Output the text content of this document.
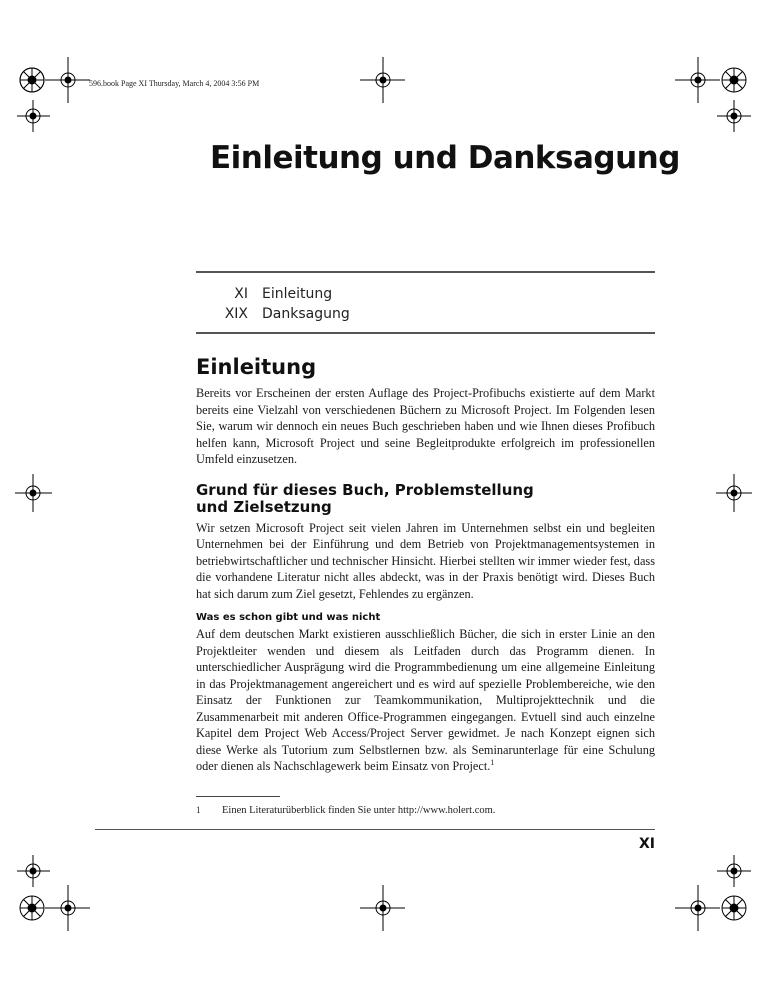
596.book Page XI Thursday, March 4, 2004 3:56 PM
Einleitung und Danksagung
XI Einleitung
XIX Danksagung
Einleitung

Bereits vor Erscheinen der ersten Auflage des Project-Profibuchs existierte auf dem Markt bereits eine Vielzahl von verschiedenen Büchern zu Microsoft Project. Im Folgenden lesen Sie, warum wir dennoch ein neues Buch geschrieben haben und wie Ihnen dieses Profibuch helfen kann, Microsoft Project und seine Begleitprodukte erfolgreich im professionellen Umfeld einzusetzen.

Grund für dieses Buch, Problemstellung und Zielsetzung

Wir setzen Microsoft Project seit vielen Jahren im Unternehmen selbst ein und begleiten Unternehmen bei der Einführung und dem Betrieb von Projektmanagementsystemen in betriebwirtschaftlicher und technischer Hinsicht. Hierbei stellten wir immer wieder fest, dass die vorhandene Literatur nicht alles abdeckt, was in der Praxis benötigt wird. Dieses Buch hat sich darum zum Ziel gesetzt, Fehlendes zu ergänzen.

Was es schon gibt und was nicht

Auf dem deutschen Markt existieren ausschließlich Bücher, die sich in erster Linie an den Projektleiter wenden und diesem als Leitfaden durch das Programm dienen. In unterschiedlicher Ausprägung wird die Programmbedienung um eine allgemeine Einleitung in das Projektmanagement angereichert und es wird auf spezielle Problembereiche, wie den Einsatz der Funktionen zur Teamkommunikation, Multiprojekttechnik und die Zusammenarbeit mit anderen Office-Programmen eingegangen. Evtuell sind auch einzelne Kapitel dem Project Web Access/Project Server gewidmet. Je nach Konzept eignen sich diese Werke als Tutorium zum Selbstlernen bzw. als Seminarunterlage für eine Schulung oder dienen als Nachschlagewerk beim Einsatz von Project.$^1$

1 Einen Literaturüberblick finden Sie unter http://www.holert.com.
XI
